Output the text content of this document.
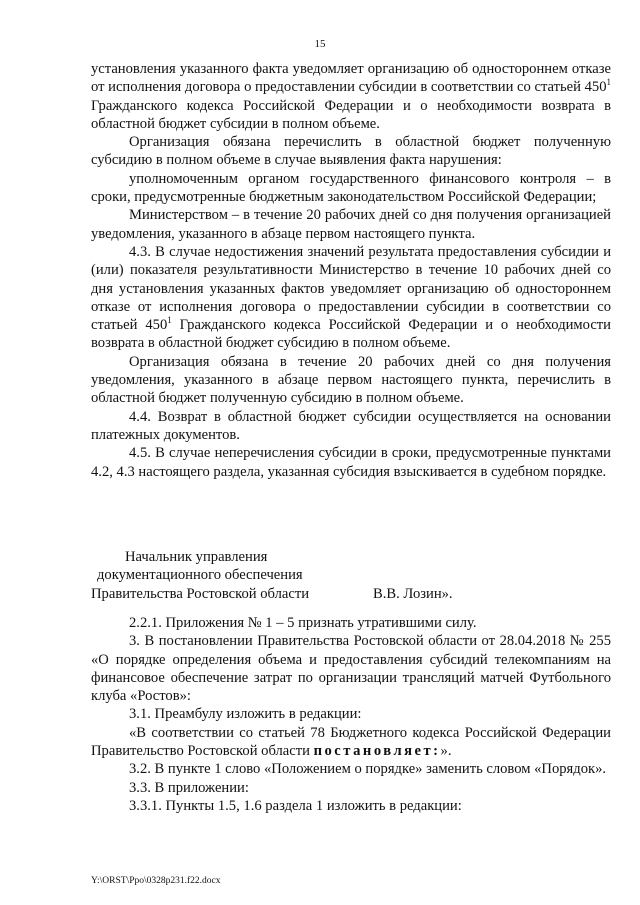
15

установления указанного факта уведомляет организацию об одностороннем отказе от исполнения договора о предоставлении субсидии в соответствии со статьей $450^1$ Гражданского кодекса Российской Федерации и о необходимости возврата в областной бюджет субсидии в полном объеме.

Организация обязана перечислить в областной бюджет полученную субсидию в полном объеме в случае выявления факта нарушения:

уполномоченным органом государственного финансового контроля – в сроки, предусмотренные бюджетным законодательством Российской Федерации;

Министерством – в течение 20 рабочих дней со дня получения организацией уведомления, указанного в абзаце первом настоящего пункта.

4.3. В случае недостижения значений результата предоставления субсидии и (или) показателя результативности Министерство в течение 10 рабочих дней со дня установления указанных фактов уведомляет организацию об одностороннем отказе от исполнения договора о предоставлении субсидии в соответствии со статьей $450^1$ Гражданского кодекса Российской Федерации и о необходимости возврата в областной бюджет субсидию в полном объеме.

Организация обязана в течение 20 рабочих дней со дня получения уведомления, указанного в абзаце первом настоящего пункта, перечислить в областной бюджет полученную субсидию в полном объеме.

4.4. Возврат в областной бюджет субсидии осуществляется на основании платежных документов.

4.5. В случае неперечисления субсидии в сроки, предусмотренные пунктами 4.2, 4.3 настоящего раздела, указанная субсидия взыскивается в судебном порядке.

Начальник управления
документационного обеспечения
Правительства Ростовской области	В.В. Лозин».

2.2.1. Приложения № 1 – 5 признать утратившими силу.

3. В постановлении Правительства Ростовской области от 28.04.2018 № 255 «О порядке определения объема и предоставления субсидий телекомпаниям на финансовое обеспечение затрат по организации трансляций матчей Футбольного клуба «Ростов»:

3.1. Преамбулу изложить в редакции:

«В соответствии со статьей 78 Бюджетного кодекса Российской Федерации Правительство Ростовской области постановляет:».

3.2. В пункте 1 слово «Положением о порядке» заменить словом «Порядок».

3.3. В приложении:

3.3.1. Пункты 1.5, 1.6 раздела 1 изложить в редакции:

Y:\ORST\Ppo\0328p231.f22.docx
